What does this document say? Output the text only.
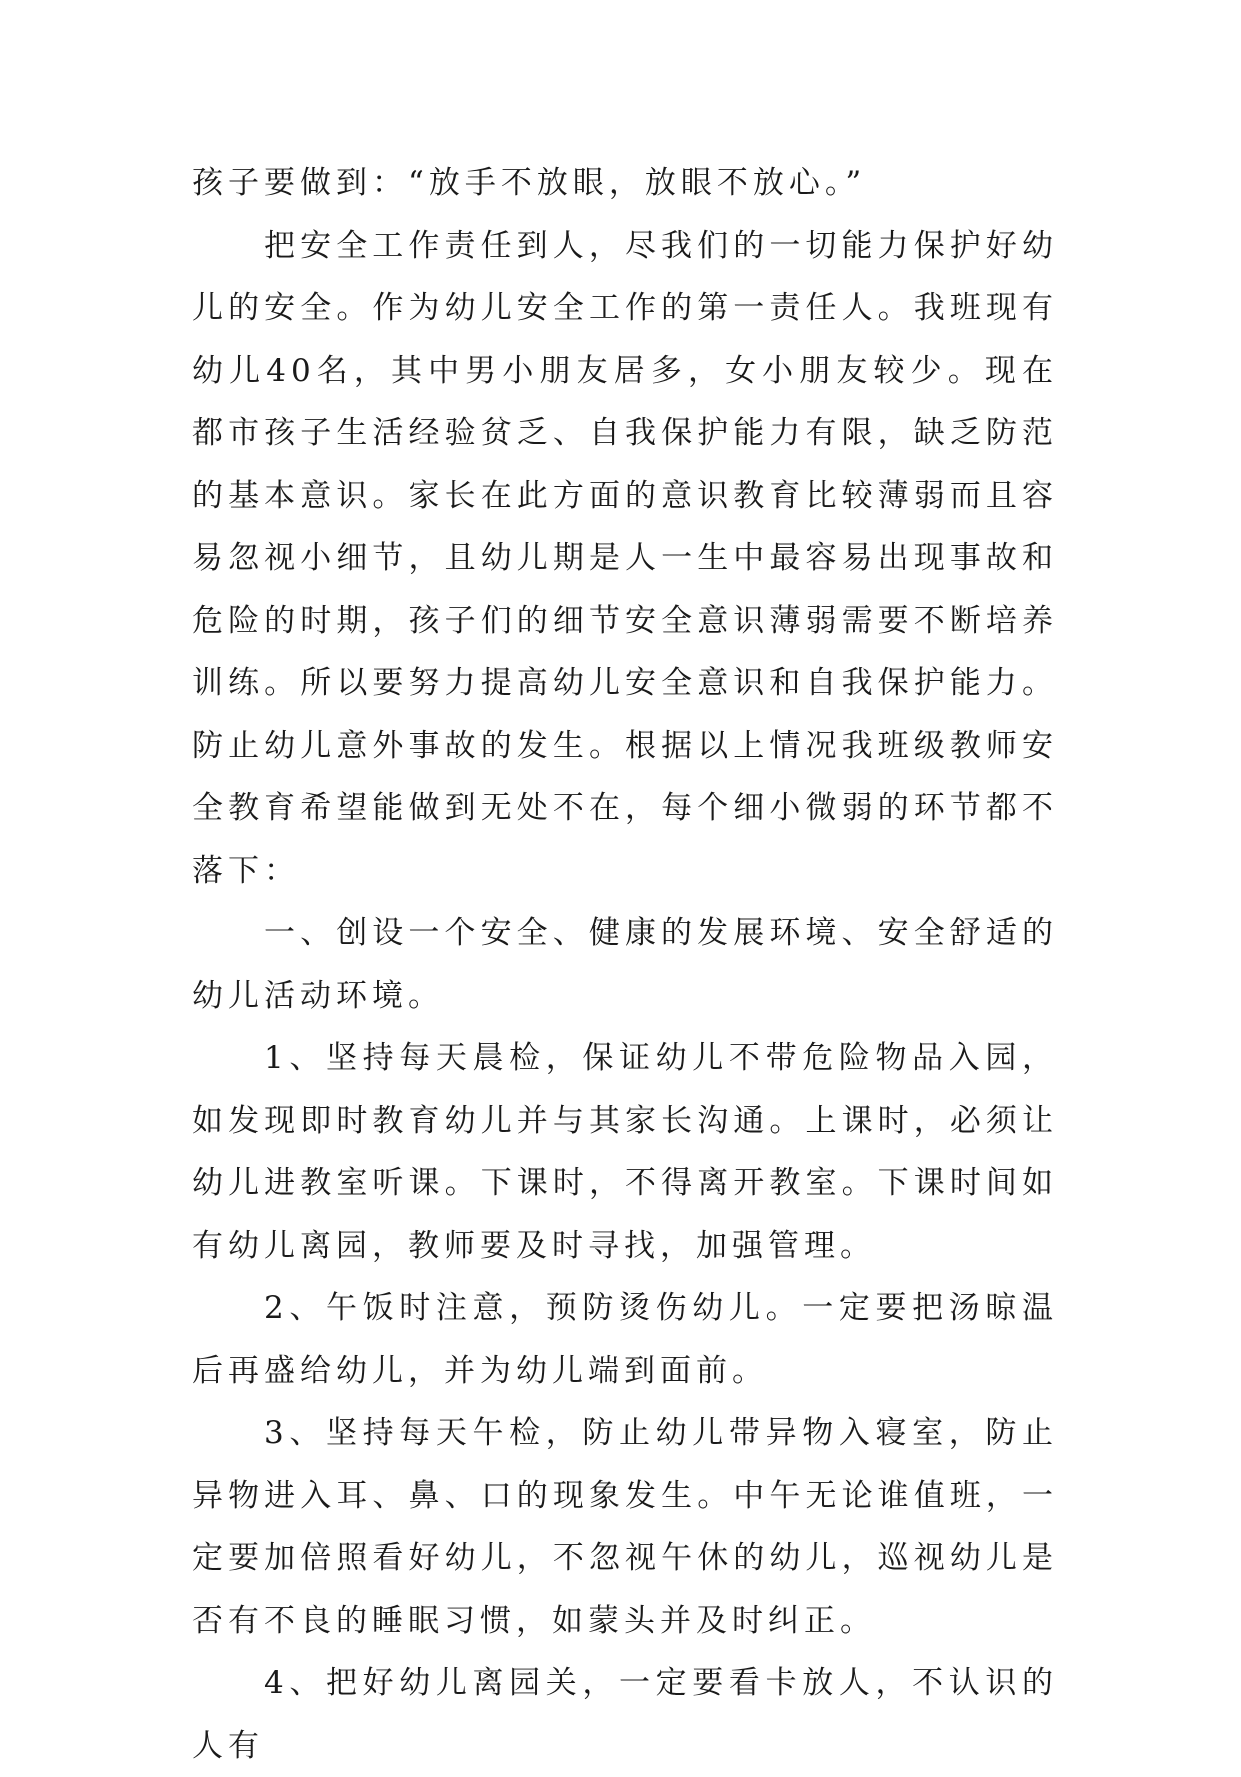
孩子要做到：“放手不放眼，放眼不放心。”

把安全工作责任到人，尽我们的一切能力保护好幼儿的安全。作为幼儿安全工作的第一责任人。我班现有幼儿40名，其中男小朋友居多，女小朋友较少。现在都市孩子生活经验贫乏、自我保护能力有限，缺乏防范的基本意识。家长在此方面的意识教育比较薄弱而且容易忽视小细节，且幼儿期是人一生中最容易出现事故和危险的时期，孩子们的细节安全意识薄弱需要不断培养训练。所以要努力提高幼儿安全意识和自我保护能力。防止幼儿意外事故的发生。根据以上情况我班级教师安全教育希望能做到无处不在，每个细小微弱的环节都不落下：

一、创设一个安全、健康的发展环境、安全舒适的幼儿活动环境。

1、坚持每天晨检，保证幼儿不带危险物品入园，如发现即时教育幼儿并与其家长沟通。上课时，必须让幼儿进教室听课。下课时，不得离开教室。下课时间如有幼儿离园，教师要及时寻找，加强管理。

2、午饭时注意，预防烫伤幼儿。一定要把汤晾温后再盛给幼儿，并为幼儿端到面前。

3、坚持每天午检，防止幼儿带异物入寝室，防止异物进入耳、鼻、口的现象发生。中午无论谁值班，一定要加倍照看好幼儿，不忽视午休的幼儿，巡视幼儿是否有不良的睡眠习惯，如蒙头并及时纠正。

4、把好幼儿离园关，一定要看卡放人，不认识的人有
